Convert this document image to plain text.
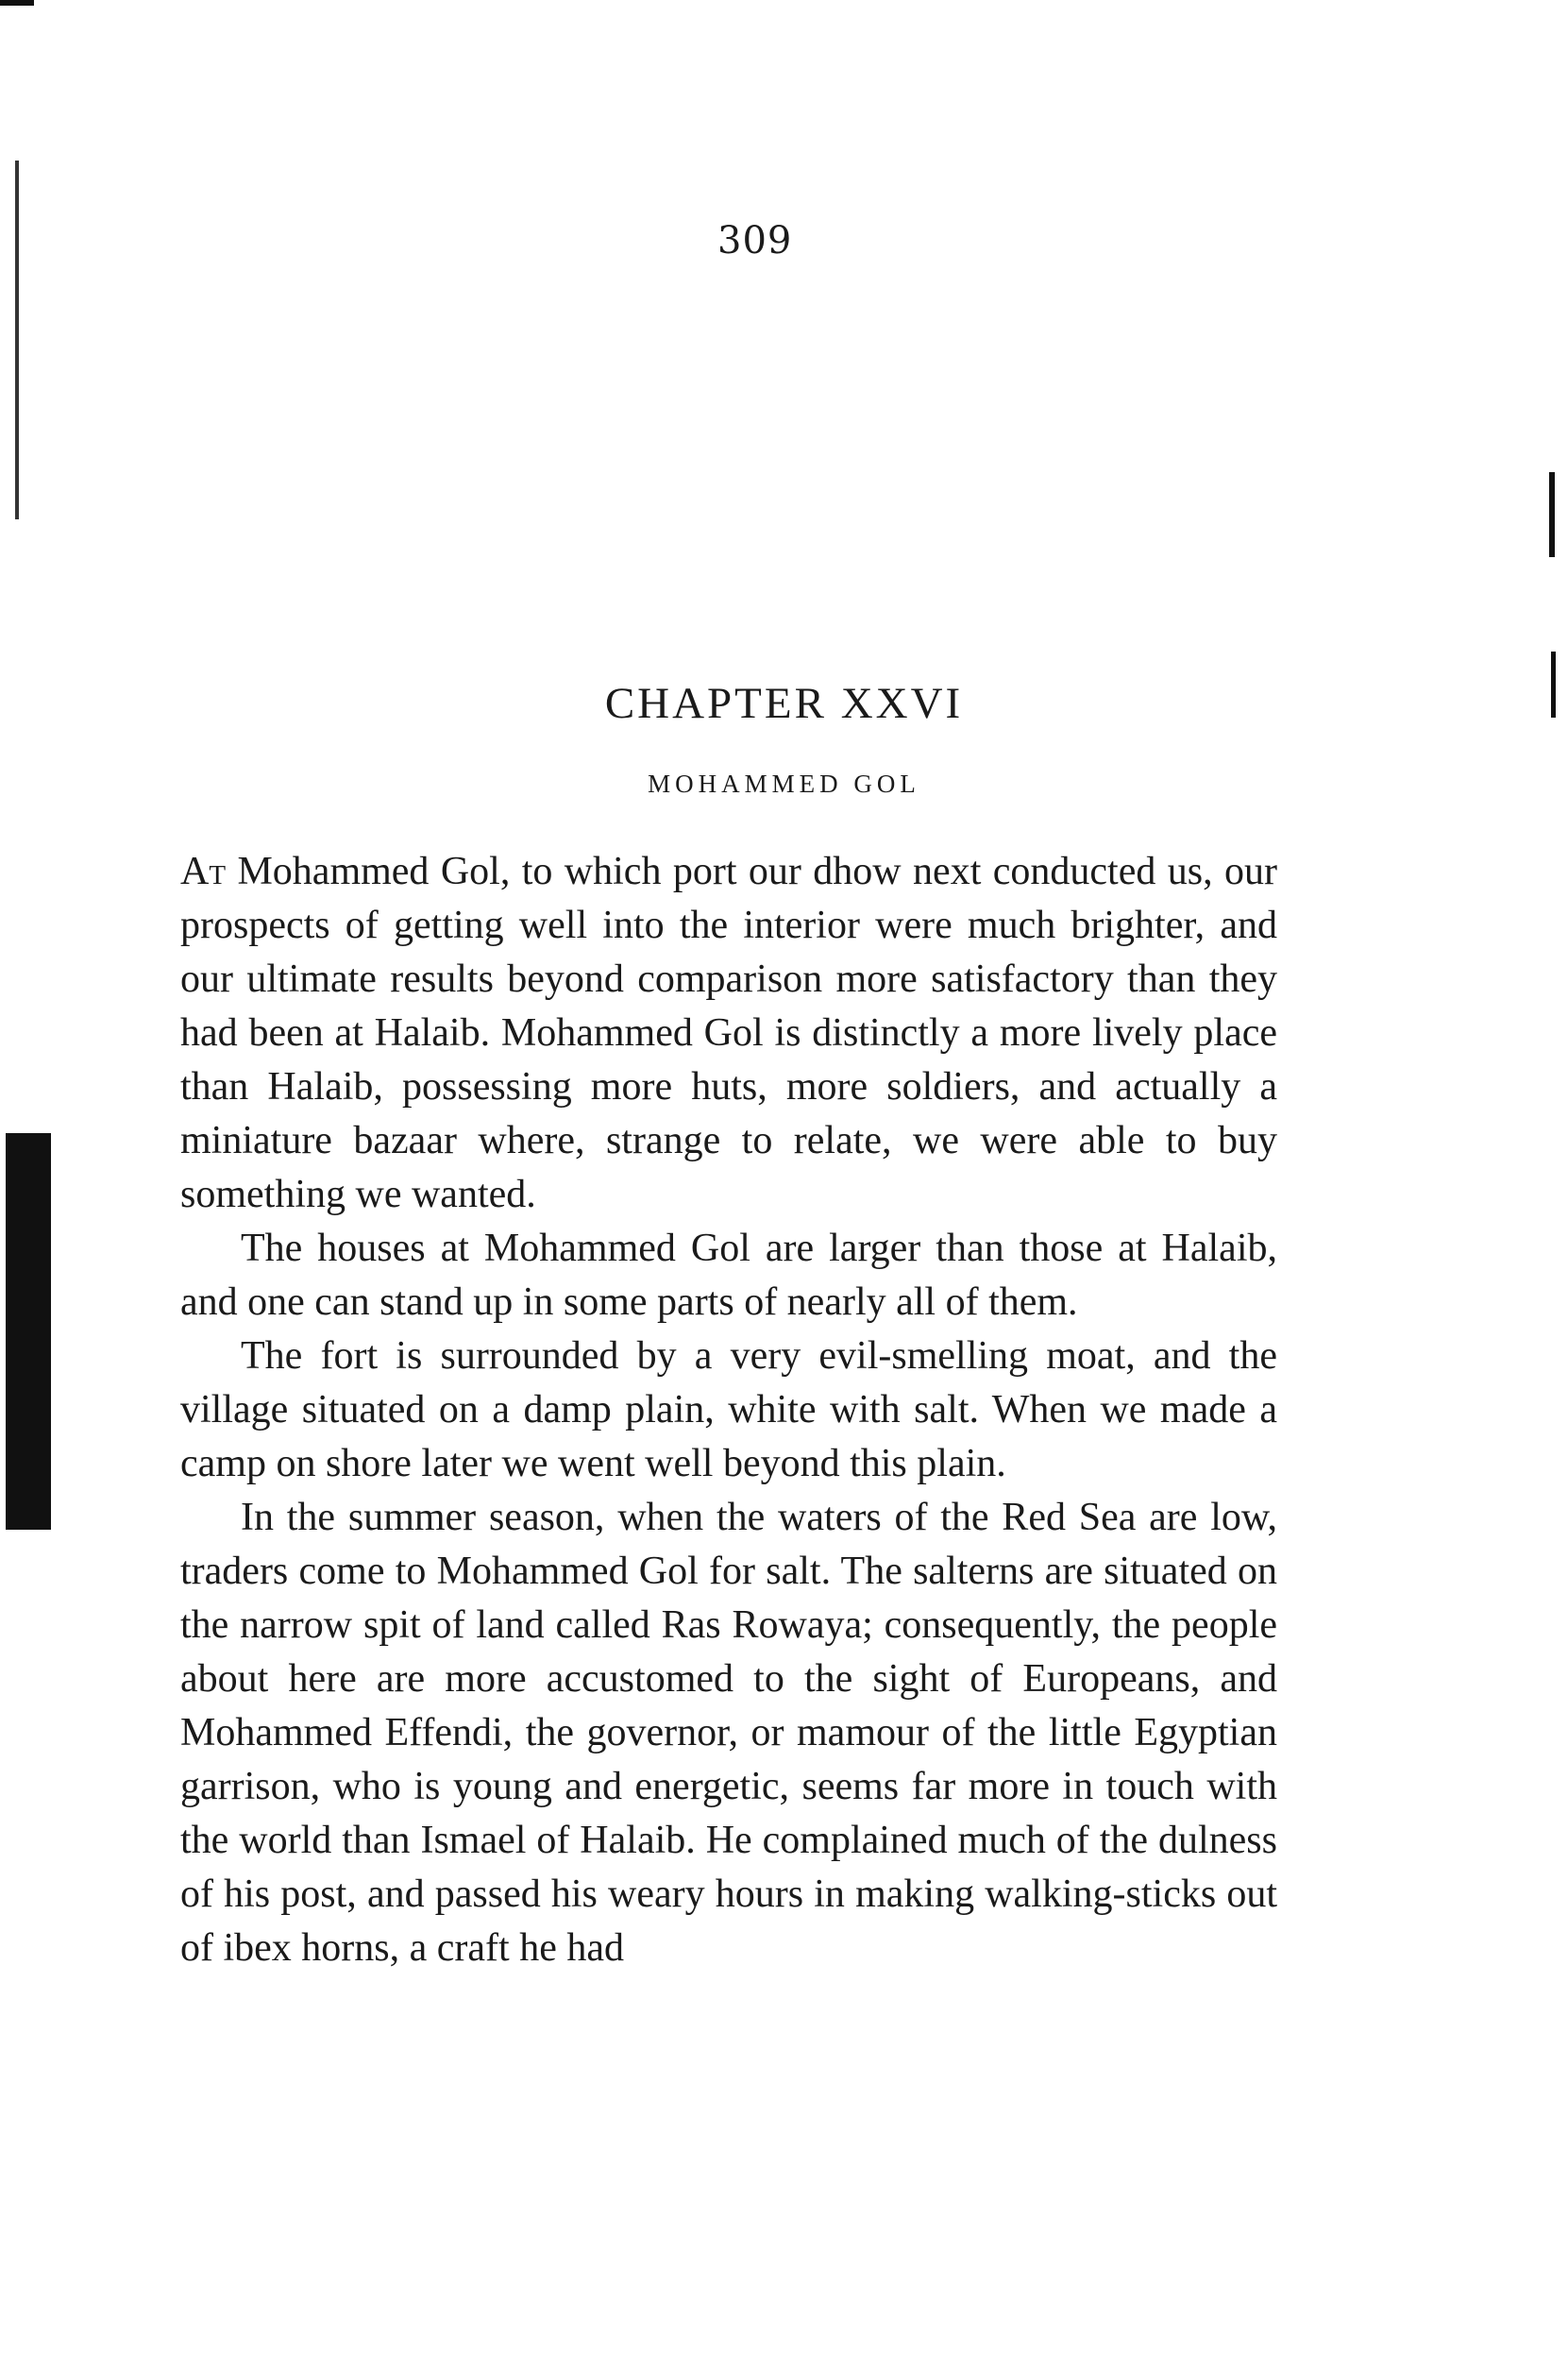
309
CHAPTER XXVI
MOHAMMED GOL

At Mohammed Gol, to which port our dhow next conducted us, our prospects of getting well into the interior were much brighter, and our ultimate results beyond comparison more satisfactory than they had been at Halaib. Mohammed Gol is distinctly a more lively place than Halaib, possessing more huts, more soldiers, and actually a miniature bazaar where, strange to relate, we were able to buy something we wanted.

The houses at Mohammed Gol are larger than those at Halaib, and one can stand up in some parts of nearly all of them.

The fort is surrounded by a very evil-smelling moat, and the village situated on a damp plain, white with salt. When we made a camp on shore later we went well beyond this plain.

In the summer season, when the waters of the Red Sea are low, traders come to Mohammed Gol for salt. The salterns are situated on the narrow spit of land called Ras Rowaya; consequently, the people about here are more accustomed to the sight of Europeans, and Mohammed Effendi, the governor, or mamour of the little Egyptian garrison, who is young and energetic, seems far more in touch with the world than Ismael of Halaib. He complained much of the dulness of his post, and passed his weary hours in making walking-sticks out of ibex horns, a craft he had
